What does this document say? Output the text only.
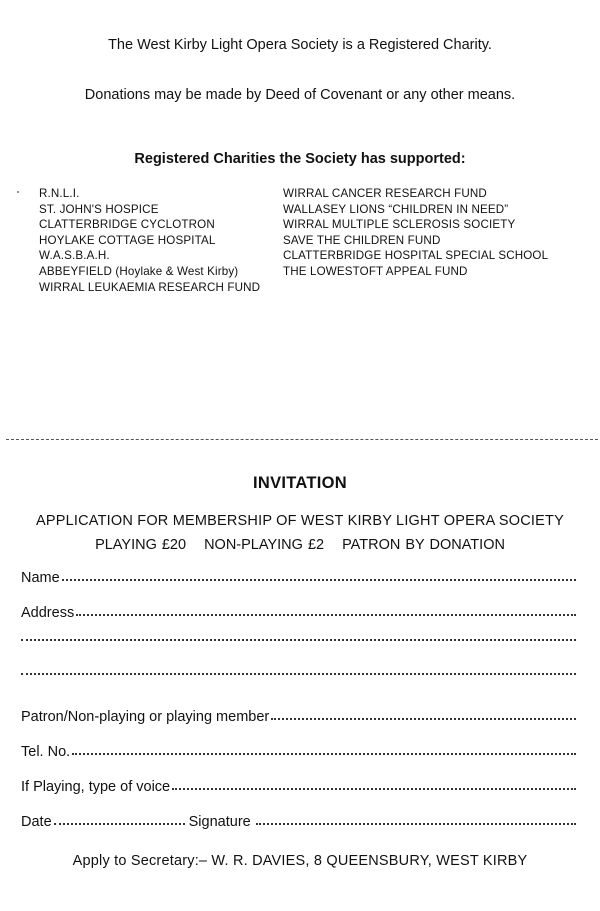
The West Kirby Light Opera Society is a Registered Charity.
Donations may be made by Deed of Covenant or any other means.
Registered Charities the Society has supported:
R.N.L.I.
ST. JOHN'S HOSPICE
CLATTERBRIDGE CYCLOTRON
HOYLAKE COTTAGE HOSPITAL
W.A.S.B.A.H.
ABBEYFIELD (Hoylake & West Kirby)
WIRRAL LEUKAEMIA RESEARCH FUND
WIRRAL CANCER RESEARCH FUND
WALLASEY LIONS “CHILDREN IN NEED”
WIRRAL MULTIPLE SCLEROSIS SOCIETY
SAVE THE CHILDREN FUND
CLATTERBRIDGE HOSPITAL SPECIAL SCHOOL
THE LOWESTOFT APPEAL FUND
INVITATION
APPLICATION FOR MEMBERSHIP OF WEST KIRBY LIGHT OPERA SOCIETY
PLAYING £20 NON-PLAYING £2 PATRON BY DONATION
Name
Address
Patron/Non-playing or playing member
Tel. No.
If Playing, type of voice
Date	Signature
Apply to Secretary:– W. R. DAVIES, 8 QUEENSBURY, WEST KIRBY
